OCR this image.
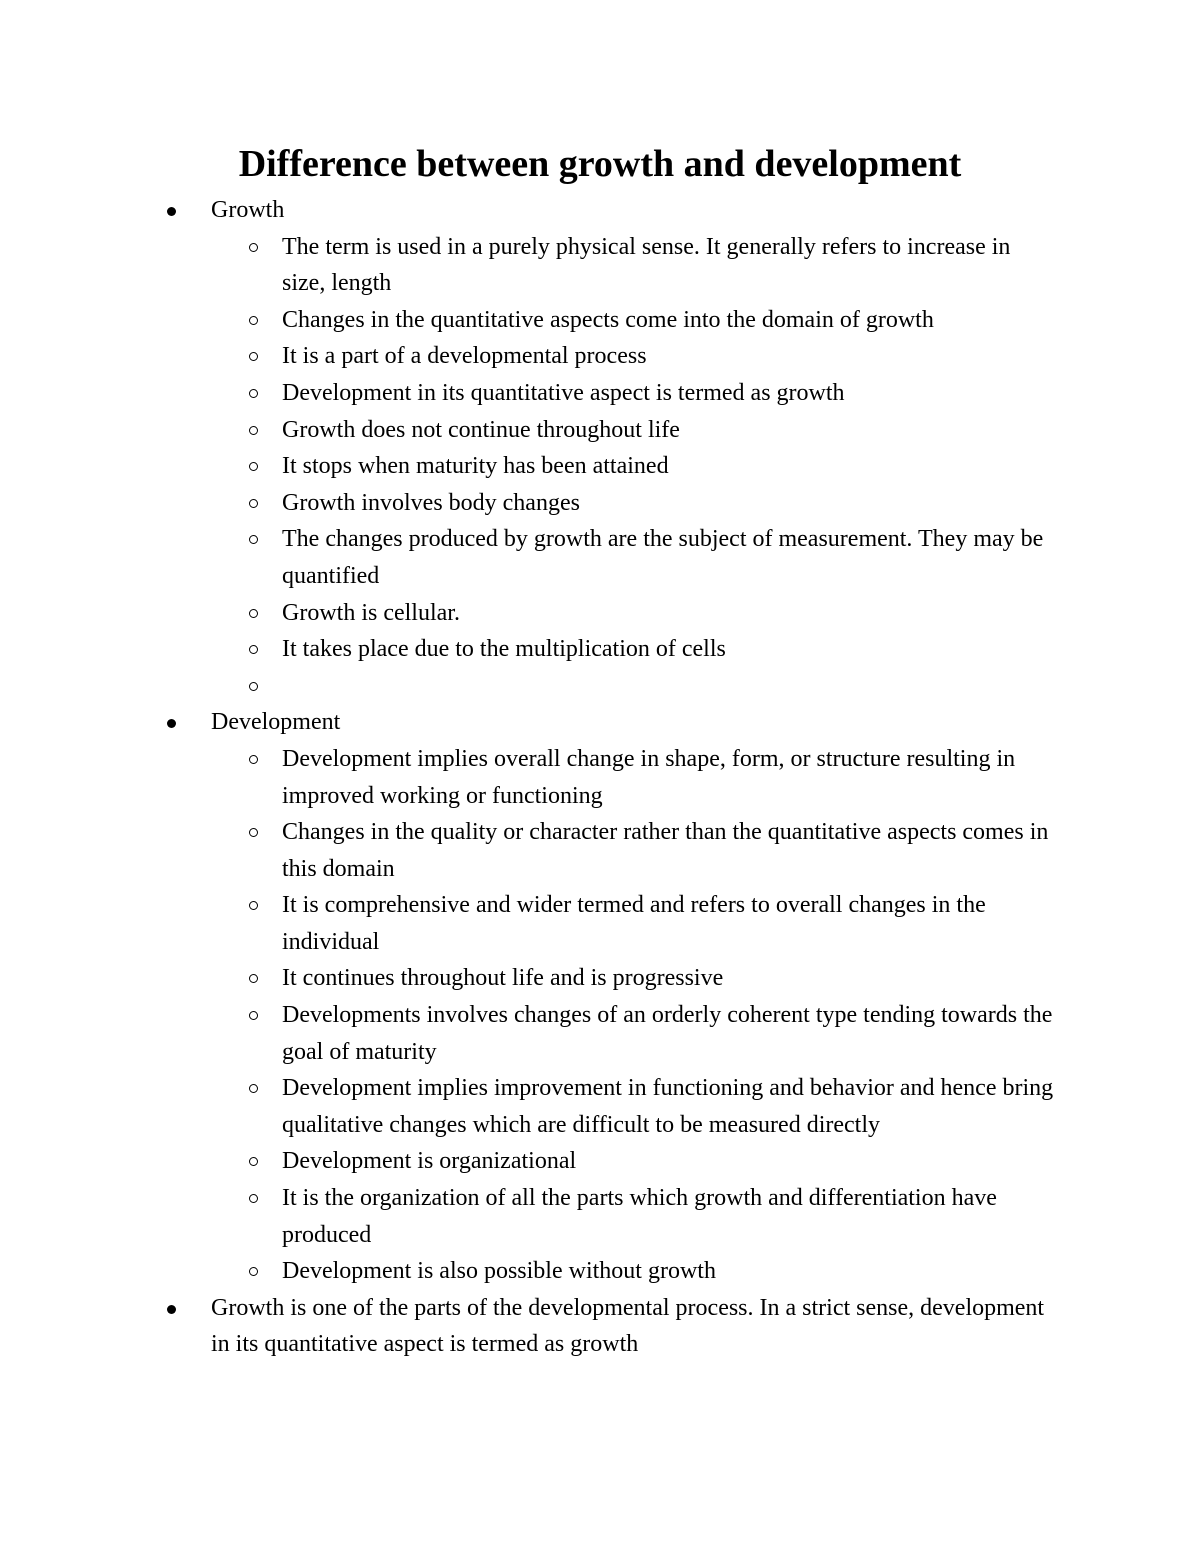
Difference between growth and development
Growth
The term is used in a purely physical sense. It generally refers to increase in size, length
Changes in the quantitative aspects come into the domain of growth
It is a part of a developmental process
Development in its quantitative aspect is termed as growth
Growth does not continue throughout life
It stops when maturity has been attained
Growth involves body changes
The changes produced by growth are the subject of measurement. They may be quantified
Growth is cellular.
It takes place due to the multiplication of cells
Development
Development implies overall change in shape, form, or structure resulting in improved working or functioning
Changes in the quality or character rather than the quantitative aspects comes in this domain
It is comprehensive and wider termed and refers to overall changes in the individual
It continues throughout life and is progressive
Developments involves changes of an orderly coherent type tending towards the goal of maturity
Development implies improvement in functioning and behavior and hence bring qualitative changes which are difficult to be measured directly
Development is organizational
It is the organization of all the parts which growth and differentiation have produced
Development is also possible without growth
Growth is one of the parts of the developmental process. In a strict sense, development in its quantitative aspect is termed as growth
